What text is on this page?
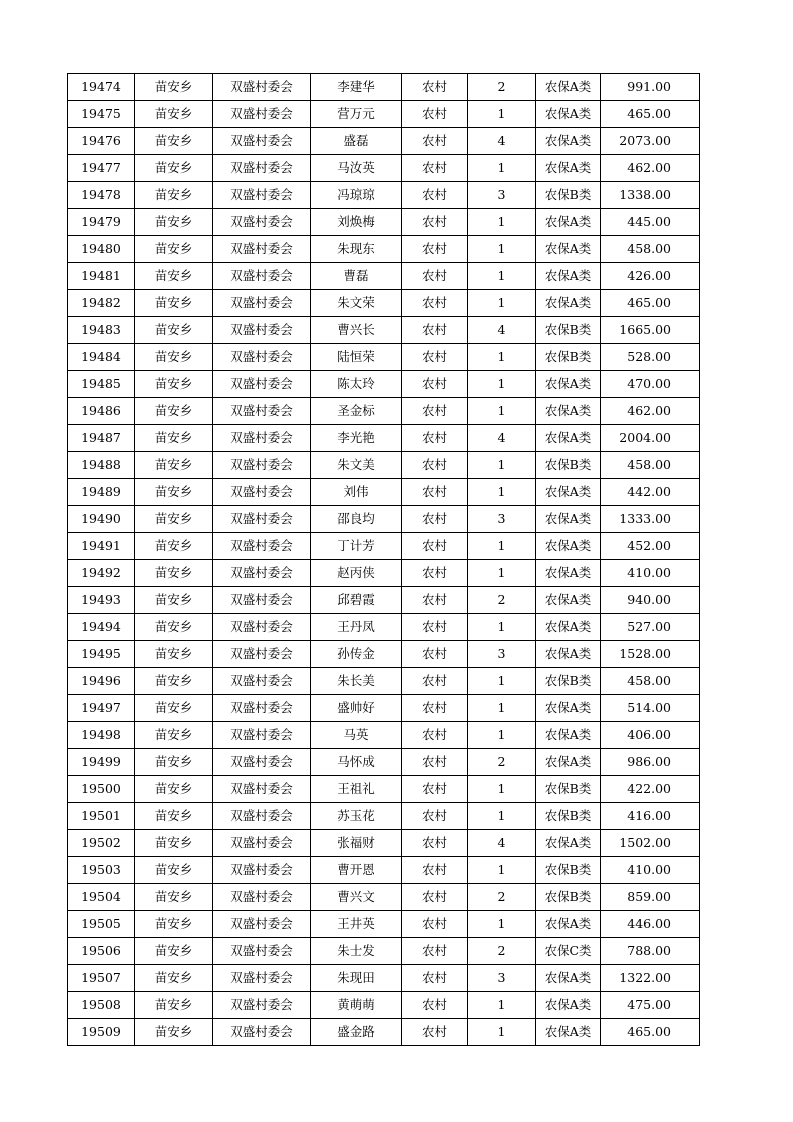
19474	苗安乡	双盛村委会	李建华	农村	2	农保A类	991.00
19475	苗安乡	双盛村委会	营万元	农村	1	农保A类	465.00
19476	苗安乡	双盛村委会	盛磊	农村	4	农保A类	2073.00
19477	苗安乡	双盛村委会	马汝英	农村	1	农保A类	462.00
19478	苗安乡	双盛村委会	冯琼琼	农村	3	农保B类	1338.00
19479	苗安乡	双盛村委会	刘焕梅	农村	1	农保A类	445.00
19480	苗安乡	双盛村委会	朱现东	农村	1	农保A类	458.00
19481	苗安乡	双盛村委会	曹磊	农村	1	农保A类	426.00
19482	苗安乡	双盛村委会	朱文荣	农村	1	农保A类	465.00
19483	苗安乡	双盛村委会	曹兴长	农村	4	农保B类	1665.00
19484	苗安乡	双盛村委会	陆恒荣	农村	1	农保B类	528.00
19485	苗安乡	双盛村委会	陈太玲	农村	1	农保A类	470.00
19486	苗安乡	双盛村委会	圣金标	农村	1	农保A类	462.00
19487	苗安乡	双盛村委会	李光艳	农村	4	农保A类	2004.00
19488	苗安乡	双盛村委会	朱文美	农村	1	农保B类	458.00
19489	苗安乡	双盛村委会	刘伟	农村	1	农保A类	442.00
19490	苗安乡	双盛村委会	邵良均	农村	3	农保A类	1333.00
19491	苗安乡	双盛村委会	丁计芳	农村	1	农保A类	452.00
19492	苗安乡	双盛村委会	赵丙侠	农村	1	农保A类	410.00
19493	苗安乡	双盛村委会	邱碧霞	农村	2	农保A类	940.00
19494	苗安乡	双盛村委会	王丹凤	农村	1	农保A类	527.00
19495	苗安乡	双盛村委会	孙传金	农村	3	农保A类	1528.00
19496	苗安乡	双盛村委会	朱长美	农村	1	农保B类	458.00
19497	苗安乡	双盛村委会	盛帅好	农村	1	农保A类	514.00
19498	苗安乡	双盛村委会	马英	农村	1	农保A类	406.00
19499	苗安乡	双盛村委会	马怀成	农村	2	农保A类	986.00
19500	苗安乡	双盛村委会	王祖礼	农村	1	农保B类	422.00
19501	苗安乡	双盛村委会	苏玉花	农村	1	农保B类	416.00
19502	苗安乡	双盛村委会	张福财	农村	4	农保A类	1502.00
19503	苗安乡	双盛村委会	曹开恩	农村	1	农保B类	410.00
19504	苗安乡	双盛村委会	曹兴文	农村	2	农保B类	859.00
19505	苗安乡	双盛村委会	王井英	农村	1	农保A类	446.00
19506	苗安乡	双盛村委会	朱士发	农村	2	农保C类	788.00
19507	苗安乡	双盛村委会	朱现田	农村	3	农保A类	1322.00
19508	苗安乡	双盛村委会	黄萌萌	农村	1	农保A类	475.00
19509	苗安乡	双盛村委会	盛金路	农村	1	农保A类	465.00
